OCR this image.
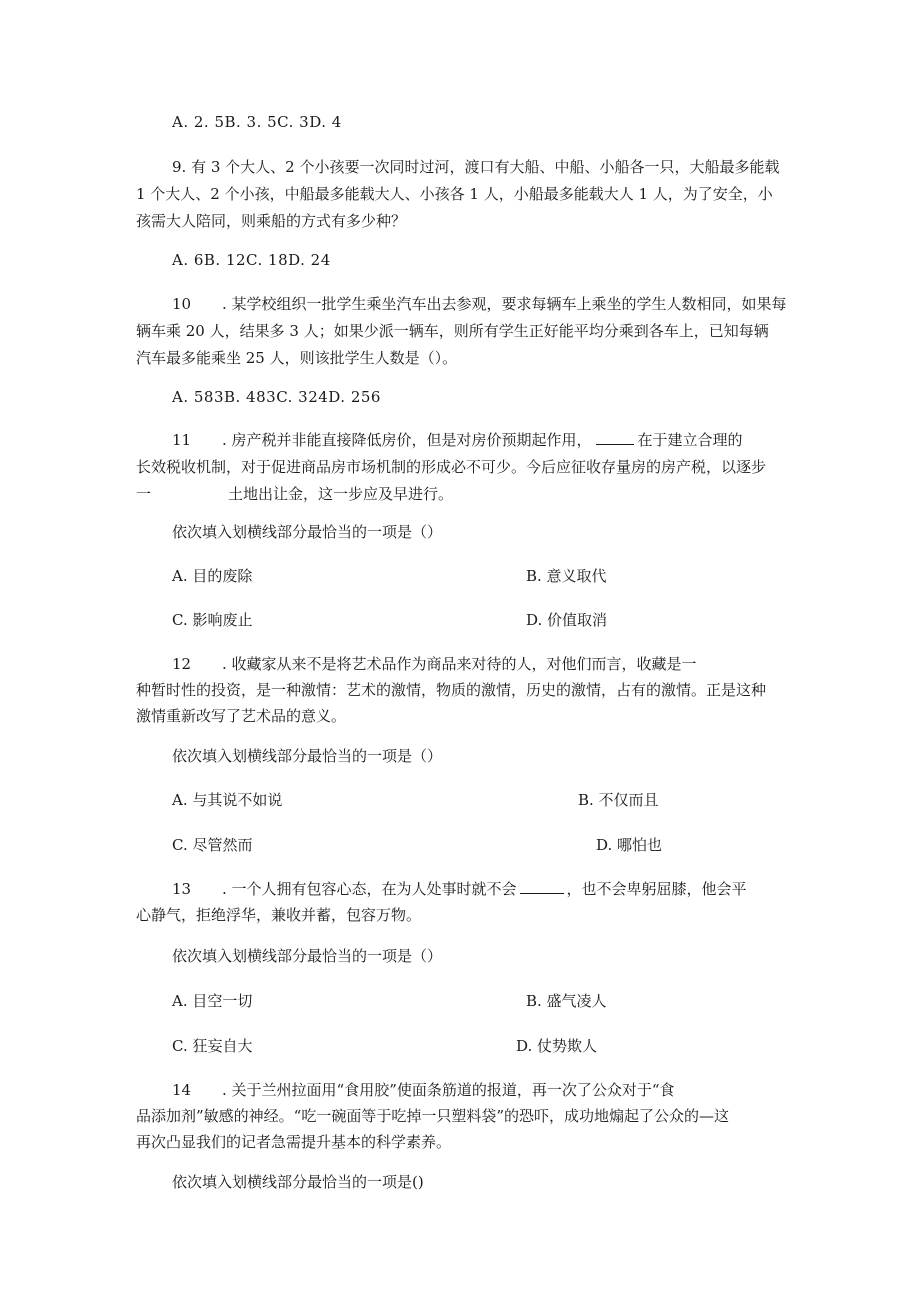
A. 2. 5B. 3. 5C. 3D. 4

9. 有 3 个大人、2 个小孩要一次同时过河，渡口有大船、中船、小船各一只，大船最多能载

1 个大人、2 个小孩，中船最多能载大人、小孩各 1 人，小船最多能载大人 1 人，为了安全，小

孩需大人陪同，则乘船的方式有多少种？

A. 6B. 12C. 18D. 24

10 . 某学校组织一批学生乘坐汽车出去参观，要求每辆车上乘坐的学生人数相同，如果每

辆车乘 20 人，结果多 3 人；如果少派一辆车，则所有学生正好能平均分乘到各车上，已知每辆

汽车最多能乘坐 25 人，则该批学生人数是（）。

A. 583B. 483C. 324D. 256

11 . 房产税并非能直接降低房价，但是对房价预期起作用，	在于建立合理的

长效税收机制，对于促进商品房市场机制的形成必不可少。今后应征收存量房的房产税，以逐步

一	土地出让金，这一步应及早进行。

依次填入划横线部分最恰当的一项是（）

A. 目的废除	B. 意义取代

C. 影响废止	D. 价值取消

12 . 收藏家从来不是将艺术品作为商品来对待的人，对他们而言，收藏是一

种暂时性的投资，是一种激情：艺术的激情，物质的激情，历史的激情，占有的激情。正是这种

激情重新改写了艺术品的意义。

依次填入划横线部分最恰当的一项是（）

A. 与其说不如说	B. 不仅而且

C. 尽管然而	D. 哪怕也

13 . 一个人拥有包容心态，在为人处事时就不会	，也不会卑躬屈膝，他会平

心静气，拒绝浮华，兼收并蓄，包容万物。

依次填入划横线部分最恰当的一项是（）

A. 目空一切	B. 盛气凌人

C. 狂妄自大	D. 仗势欺人

14 . 关于兰州拉面用“食用胶”使面条筋道的报道，再一次了公众对于“食

品添加剂”敏感的神经。“吃一碗面等于吃掉一只塑料袋”的恐吓，成功地煽起了公众的—这

再次凸显我们的记者急需提升基本的科学素养。

依次填入划横线部分最恰当的一项是()
